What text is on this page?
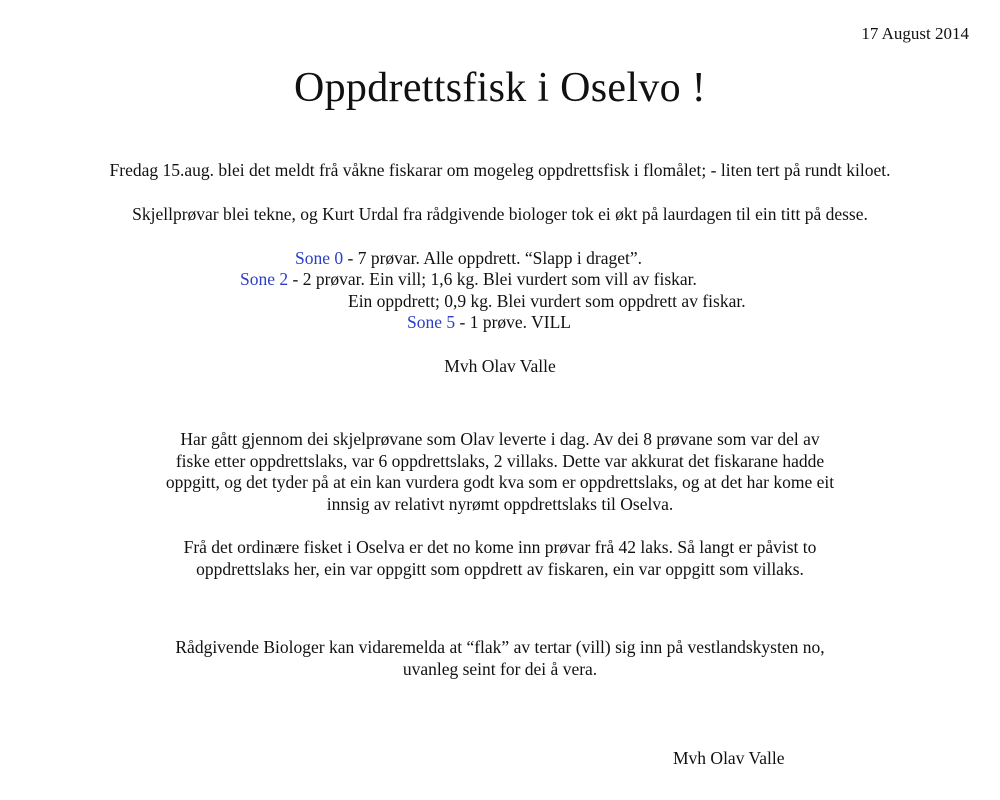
17 August 2014
Oppdrettsfisk i Oselvo !
Fredag 15.aug. blei det meldt frå våkne fiskarar om mogeleg oppdrettsfisk i flomålet; - liten tert på rundt kiloet.
Skjellprøvar blei tekne, og Kurt Urdal fra rådgivende biologer tok ei økt på laurdagen til ein titt på desse.
Sone 0 - 7 prøvar. Alle oppdrett. “Slapp i draget”.
Sone 2 - 2 prøvar. Ein vill; 1,6 kg. Blei vurdert som vill av fiskar.
Ein oppdrett; 0,9 kg. Blei vurdert som oppdrett av fiskar.
Sone 5 - 1 prøve. VILL
Mvh Olav Valle
Har gått gjennom dei skjelprøvane som Olav leverte i dag. Av dei 8 prøvane som var del av
fiske etter oppdrettslaks, var 6 oppdrettslaks, 2 villaks. Dette var akkurat det fiskarane hadde
oppgitt, og det tyder på at ein kan vurdera godt kva som er oppdrettslaks, og at det har kome eit
innsig av relativt nyrømt oppdrettslaks til Oselva.
Frå det ordinære fisket i Oselva er det no kome inn prøvar frå 42 laks. Så langt er påvist to
oppdrettslaks her, ein var oppgitt som oppdrett av fiskaren, ein var oppgitt som villaks.
Rådgivende Biologer kan vidaremelda at “flak” av tertar (vill) sig inn på vestlandskysten no,
uvanleg seint for dei å vera.
Mvh Olav Valle
